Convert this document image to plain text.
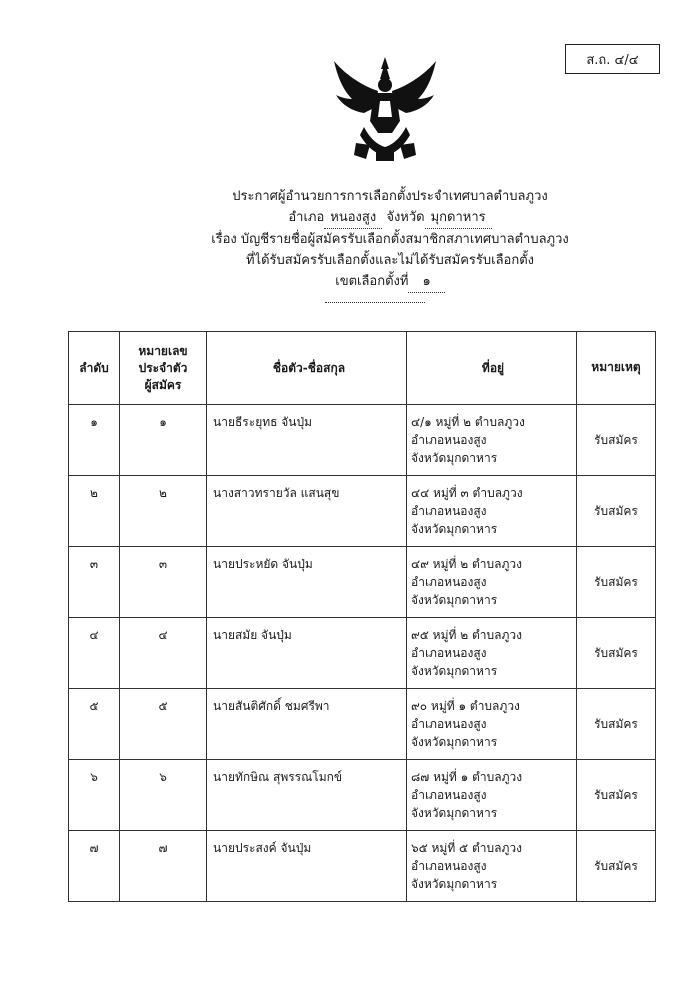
ส.ถ. ๔/๔
ประกาศผู้อำนวยการการเลือกตั้งประจำเทศบาลตำบลภูวง
อำเภอ หนองสูง จังหวัด มุกดาหาร
เรื่อง บัญชีรายชื่อผู้สมัครรับเลือกตั้งสมาชิกสภาเทศบาลตำบลภูวง
ที่ได้รับสมัครรับเลือกตั้งและไม่ได้รับสมัครรับเลือกตั้ง
เขตเลือกตั้งที่ ๑
ลำดับ	หมายเลข
ประจำตัว
ผู้สมัคร	ชื่อตัว-ชื่อสกุล	ที่อยู่	หมายเหตุ
๑	๑	นายธีระยุทธ จันปุ่ม	๔/๑ หมู่ที่ ๒ ตำบลภูวง
อำเภอหนองสูง
จังหวัดมุกดาหาร	รับสมัคร
๒	๒	นางสาวทรายวัล แสนสุข	๔๔ หมู่ที่ ๓ ตำบลภูวง
อำเภอหนองสูง
จังหวัดมุกดาหาร	รับสมัคร
๓	๓	นายประหยัด จันปุ่ม	๔๙ หมู่ที่ ๒ ตำบลภูวง
อำเภอหนองสูง
จังหวัดมุกดาหาร	รับสมัคร
๔	๔	นายสมัย จันปุ่ม	๙๕ หมู่ที่ ๒ ตำบลภูวง
อำเภอหนองสูง
จังหวัดมุกดาหาร	รับสมัคร
๕	๕	นายสันติศักดิ์ ชมศรีพา	๙๐ หมู่ที่ ๑ ตำบลภูวง
อำเภอหนองสูง
จังหวัดมุกดาหาร	รับสมัคร
๖	๖	นายทักษิณ สุพรรณโมกข์	๘๗ หมู่ที่ ๑ ตำบลภูวง
อำเภอหนองสูง
จังหวัดมุกดาหาร	รับสมัคร
๗	๗	นายประสงค์ จันปุ่ม	๖๕ หมู่ที่ ๕ ตำบลภูวง
อำเภอหนองสูง
จังหวัดมุกดาหาร	รับสมัคร
